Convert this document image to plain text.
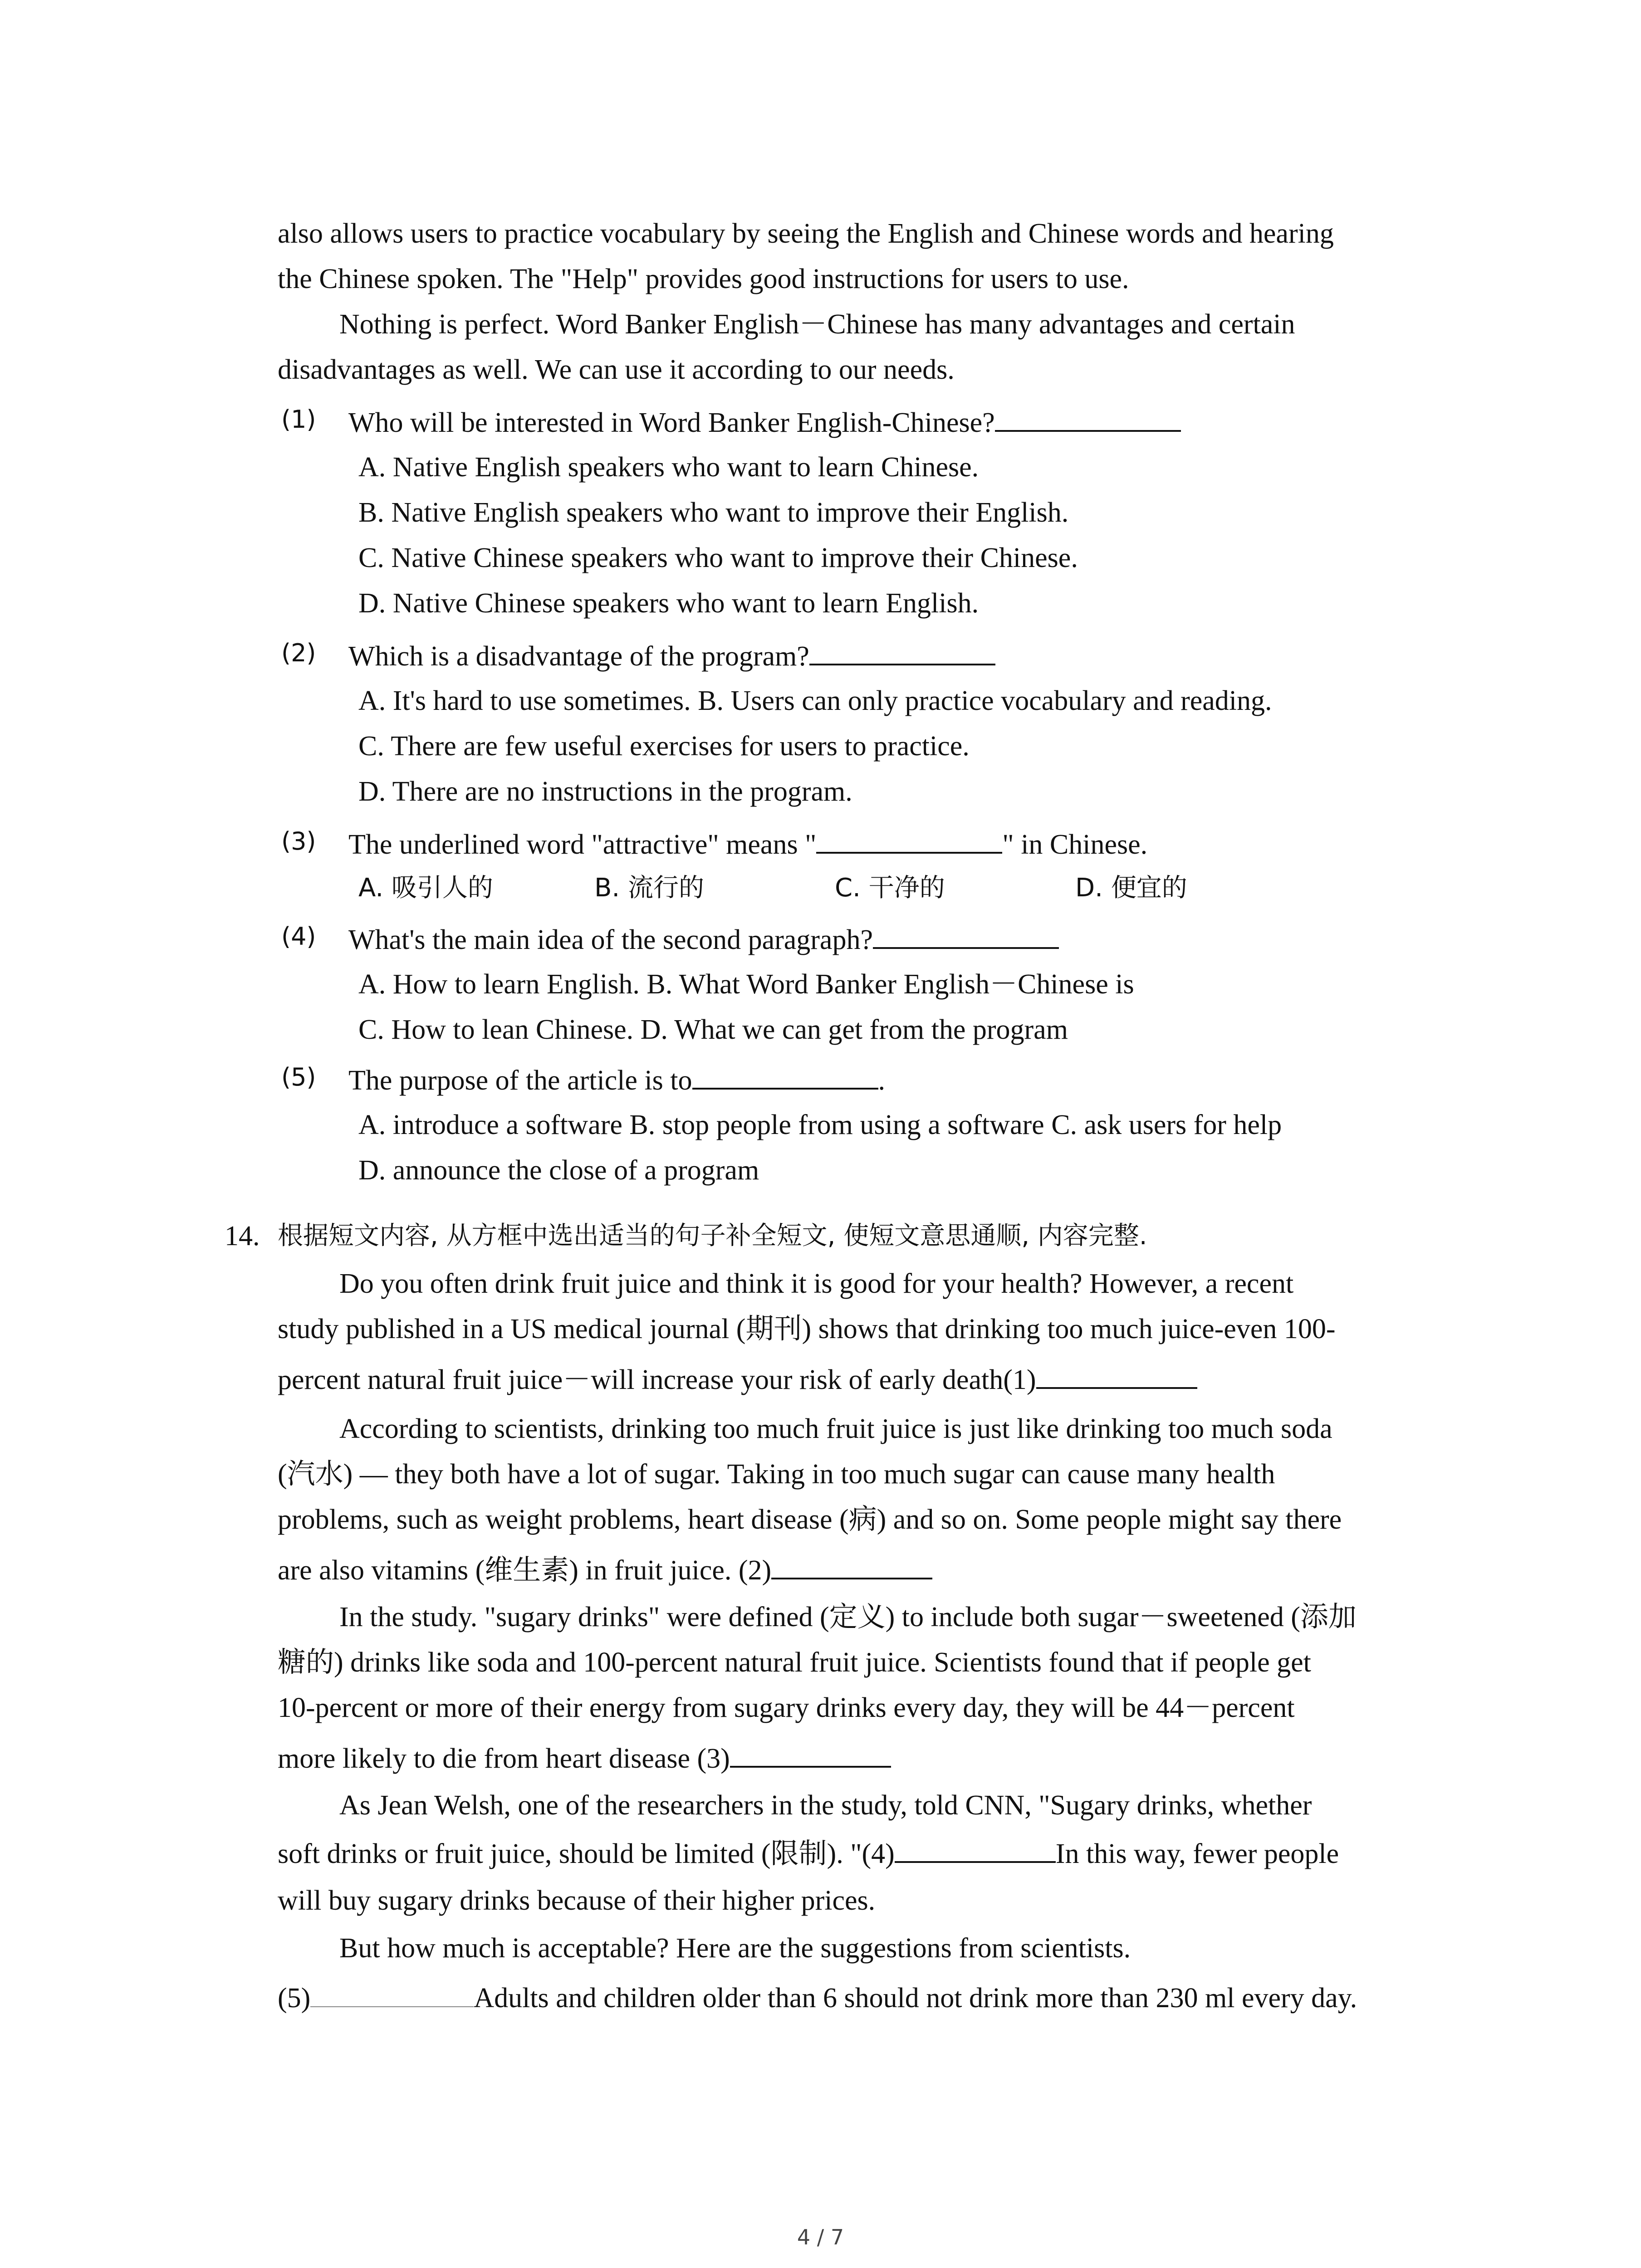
also allows users to practice vocabulary by seeing the English and Chinese words and hearing
the Chinese spoken. The "Help" provides good instructions for users to use.
Nothing is perfect. Word Banker English－Chinese has many advantages and certain
disadvantages as well. We can use it according to our needs.
(1) Who will be interested in Word Banker English-Chinese?
A. Native English speakers who want to learn Chinese.
B. Native English speakers who want to improve their English.
C. Native Chinese speakers who want to improve their Chinese.
D. Native Chinese speakers who want to learn English.
(2) Which is a disadvantage of the program?
A. It's hard to use sometimes. B. Users can only practice vocabulary and reading.
C. There are few useful exercises for users to practice.
D. There are no instructions in the program.
(3) The underlined word "attractive" means "	" in Chinese.
A. 吸引人的	B. 流行的	C. 干净的	D. 便宜的
(4) What's the main idea of the second paragraph?
A. How to learn English. B. What Word Banker English－Chinese is
C. How to lean Chinese. D. What we can get from the program
(5) The purpose of the article is to	.
A. introduce a software B. stop people from using a software C. ask users for help
D. announce the close of a program
14. 根据短文内容, 从方框中选出适当的句子补全短文, 使短文意思通顺, 内容完整.
Do you often drink fruit juice and think it is good for your health? However, a recent
study published in a US medical journal (期刊) shows that drinking too much juice-even 100-
percent natural fruit juice－will increase your risk of early death(1)
According to scientists, drinking too much fruit juice is just like drinking too much soda
(汽水) — they both have a lot of sugar. Taking in too much sugar can cause many health
problems, such as weight problems, heart disease (病) and so on. Some people might say there
are also vitamins (维生素) in fruit juice. (2)
In the study. "sugary drinks" were defined (定义) to include both sugar－sweetened (添加
糖的) drinks like soda and 100-percent natural fruit juice. Scientists found that if people get
10-percent or more of their energy from sugary drinks every day, they will be 44－percent
more likely to die from heart disease (3)
As Jean Welsh, one of the researchers in the study, told CNN, "Sugary drinks, whether
soft drinks or fruit juice, should be limited (限制). "(4)	In this way, fewer people
will buy sugary drinks because of their higher prices.
But how much is acceptable? Here are the suggestions from scientists.
(5)	Adults and children older than 6 should not drink more than 230 ml every day.
4 / 7
